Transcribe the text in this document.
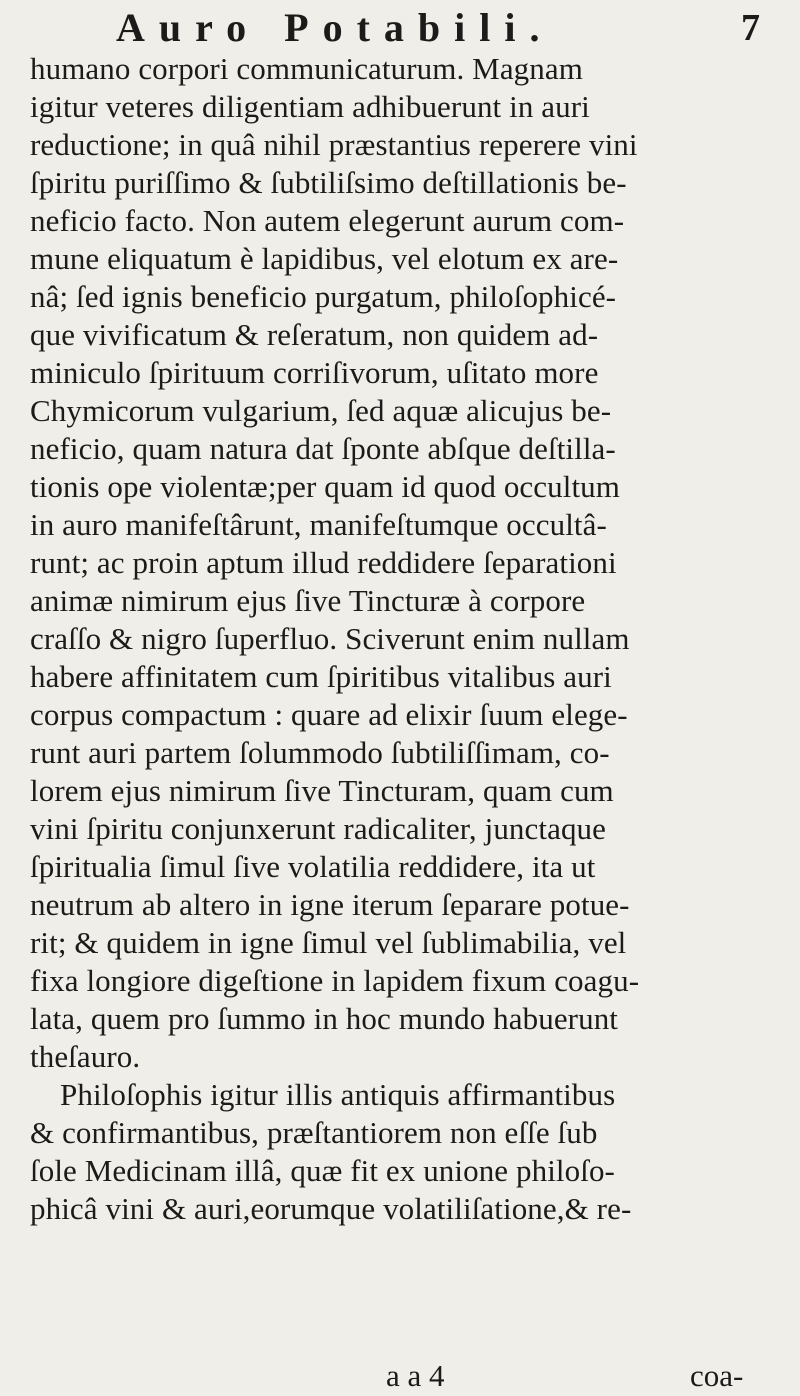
Auro Potabili.	7
humano corpori communicaturum. Magnam
igitur veteres diligentiam adhibuerunt in auri
reductione; in quâ nihil præstantius reperere vini
ſpiritu puriſſimo & ſubtiliſsimo deſtillationis be-
neficio facto. Non autem elegerunt aurum com-
mune eliquatum è lapidibus, vel elotum ex are-
nâ; ſed ignis beneficio purgatum, philoſophicé-
que vivificatum & reſeratum, non quidem ad-
miniculo ſpirituum corriſivorum, uſitato more
Chymicorum vulgarium, ſed aquæ alicujus be-
neficio, quam natura dat ſponte abſque deſtilla-
tionis ope violentæ;per quam id quod occultum
in auro manifeſtârunt, manifeſtumque occultâ-
runt; ac proin aptum illud reddidere ſeparationi
animæ nimirum ejus ſive Tincturæ à corpore
craſſo & nigro ſuperfluo. Sciverunt enim nullam
habere affinitatem cum ſpiritibus vitalibus auri
corpus compactum : quare ad elixir ſuum elege-
runt auri partem ſolummodo ſubtiliſſimam, co-
lorem ejus nimirum ſive Tincturam, quam cum
vini ſpiritu conjunxerunt radicaliter, junctaque
ſpiritualia ſimul ſive volatilia reddidere, ita ut
neutrum ab altero in igne iterum ſeparare potue-
rit; & quidem in igne ſimul vel ſublimabilia, vel
fixa longiore digeſtione in lapidem fixum coagu-
lata, quem pro ſummo in hoc mundo habuerunt
theſauro.
Philoſophis igitur illis antiquis affirmantibus
& confirmantibus, præſtantiorem non eſſe ſub
ſole Medicinam illâ, quæ fit ex unione philoſo-
phicâ vini & auri,eorumque volatiliſatione,& re-
a a 4	coa-
